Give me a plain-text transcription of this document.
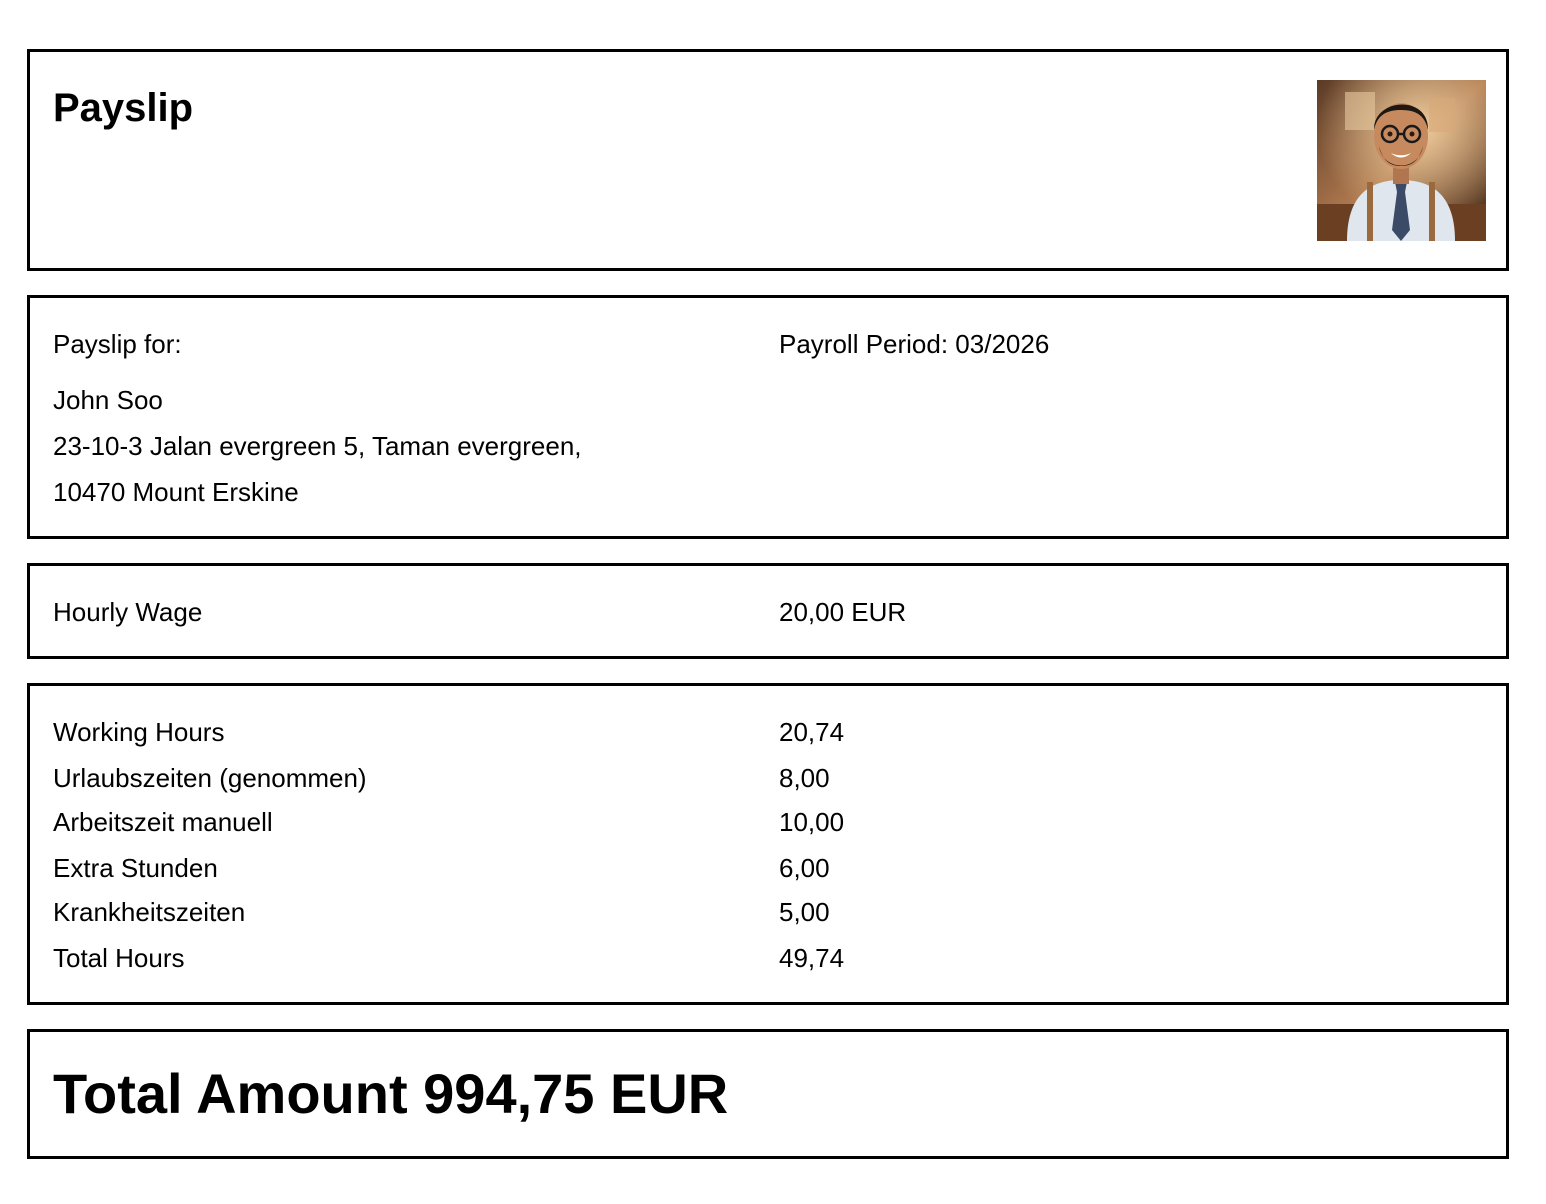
Payslip
Payslip for:	Payroll Period: 03/2026
John Soo
23-10-3 Jalan evergreen 5, Taman evergreen,
10470 Mount Erskine
Hourly Wage	20,00 EUR
Working Hours	20,74
Urlaubszeiten (genommen)	8,00
Arbeitszeit manuell	10,00
Extra Stunden	6,00
Krankheitszeiten	5,00
Total Hours	49,74
Total Amount 994,75 EUR
